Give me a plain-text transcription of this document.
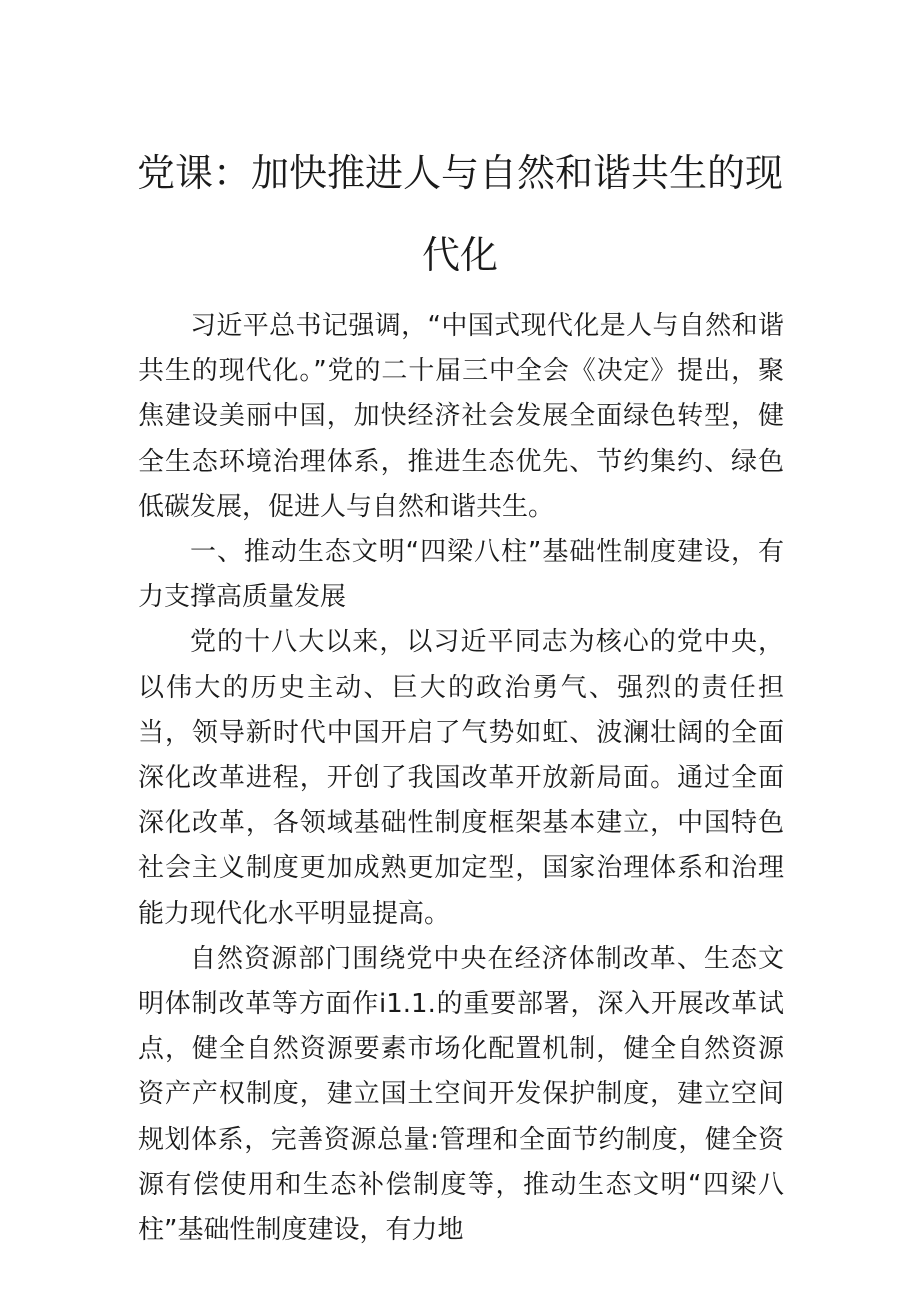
党课：加快推进人与自然和谐共生的现代化

习近平总书记强调，“中国式现代化是人与自然和谐共生的现代化。”党的二十届三中全会《决定》提出，聚焦建设美丽中国，加快经济社会发展全面绿色转型，健全生态环境治理体系，推进生态优先、节约集约、绿色低碳发展，促进人与自然和谐共生。

一、推动生态文明“四梁八柱”基础性制度建设，有力支撑高质量发展

党的十八大以来，以习近平同志为核心的党中央，以伟大的历史主动、巨大的政治勇气、强烈的责任担当，领导新时代中国开启了气势如虹、波澜壮阔的全面深化改革进程，开创了我国改革开放新局面。通过全面深化改革，各领域基础性制度框架基本建立，中国特色社会主义制度更加成熟更加定型，国家治理体系和治理能力现代化水平明显提高。

自然资源部门围绕党中央在经济体制改革、生态文明体制改革等方面作i1.1.的重要部署，深入开展改革试点，健全自然资源要素市场化配置机制，健全自然资源资产产权制度，建立国土空间开发保护制度，建立空间规划体系，完善资源总量:管理和全面节约制度，健全资源有偿使用和生态补偿制度等，推动生态文明“四梁八柱”基础性制度建设，有力地
